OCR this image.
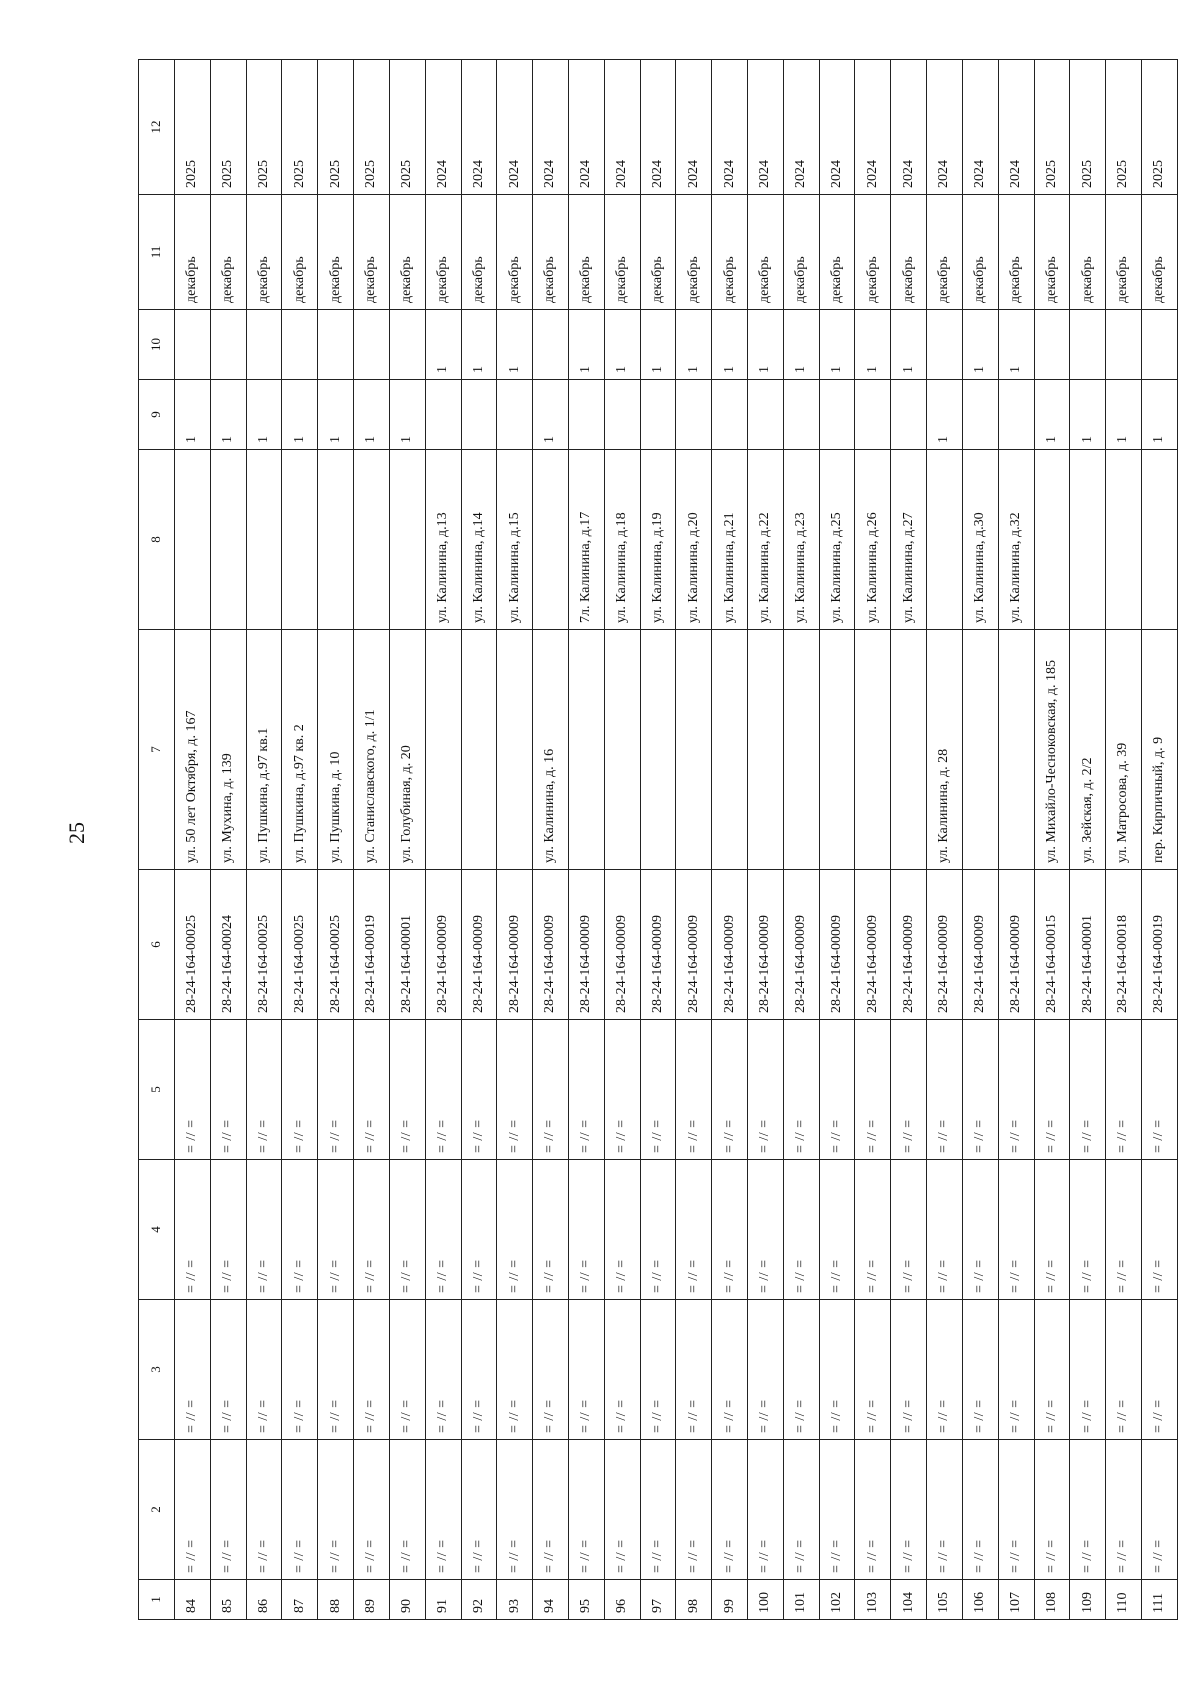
25
1	2	3	4	5	6	7	8	9	10	11	12
84	= // =	= // =	= // =	= // =	28-24-164-00025	ул. 50 лет Октября, д. 167		1		декабрь	2025
85	= // =	= // =	= // =	= // =	28-24-164-00024	ул. Мухина, д. 139		1		декабрь	2025
86	= // =	= // =	= // =	= // =	28-24-164-00025	ул. Пушкина, д.97 кв.1		1		декабрь	2025
87	= // =	= // =	= // =	= // =	28-24-164-00025	ул. Пушкина, д.97 кв. 2		1		декабрь	2025
88	= // =	= // =	= // =	= // =	28-24-164-00025	ул. Пушкина, д. 10		1		декабрь	2025
89	= // =	= // =	= // =	= // =	28-24-164-00019	ул. Станиславского, д. 1/1		1		декабрь	2025
90	= // =	= // =	= // =	= // =	28-24-164-00001	ул. Голубиная, д. 20		1		декабрь	2025
91	= // =	= // =	= // =	= // =	28-24-164-00009		ул. Калинина, д.13		1	декабрь	2024
92	= // =	= // =	= // =	= // =	28-24-164-00009		ул. Калинина, д.14		1	декабрь	2024
93	= // =	= // =	= // =	= // =	28-24-164-00009		ул. Калинина, д.15		1	декабрь	2024
94	= // =	= // =	= // =	= // =	28-24-164-00009	ул. Калинина, д. 16		1		декабрь	2024
95	= // =	= // =	= // =	= // =	28-24-164-00009		7л. Калинина, д.17		1	декабрь	2024
96	= // =	= // =	= // =	= // =	28-24-164-00009		ул. Калинина, д.18		1	декабрь	2024
97	= // =	= // =	= // =	= // =	28-24-164-00009		ул. Калинина, д.19		1	декабрь	2024
98	= // =	= // =	= // =	= // =	28-24-164-00009		ул. Калинина, д.20		1	декабрь	2024
99	= // =	= // =	= // =	= // =	28-24-164-00009		ул. Калинина, д.21		1	декабрь	2024
100	= // =	= // =	= // =	= // =	28-24-164-00009		ул. Калинина, д.22		1	декабрь	2024
101	= // =	= // =	= // =	= // =	28-24-164-00009		ул. Калинина, д.23		1	декабрь	2024
102	= // =	= // =	= // =	= // =	28-24-164-00009		ул. Калинина, д.25		1	декабрь	2024
103	= // =	= // =	= // =	= // =	28-24-164-00009		ул. Калинина, д.26		1	декабрь	2024
104	= // =	= // =	= // =	= // =	28-24-164-00009		ул. Калинина, д.27		1	декабрь	2024
105	= // =	= // =	= // =	= // =	28-24-164-00009	ул. Калинина, д. 28		1		декабрь	2024
106	= // =	= // =	= // =	= // =	28-24-164-00009		ул. Калинина, д.30		1	декабрь	2024
107	= // =	= // =	= // =	= // =	28-24-164-00009		ул. Калинина, д.32		1	декабрь	2024
108	= // =	= // =	= // =	= // =	28-24-164-00015	ул. Михайло-Чесноковская, д. 185		1		декабрь	2025
109	= // =	= // =	= // =	= // =	28-24-164-00001	ул. Зейская, д. 2/2		1		декабрь	2025
110	= // =	= // =	= // =	= // =	28-24-164-00018	ул. Матросова, д. 39		1		декабрь	2025
111	= // =	= // =	= // =	= // =	28-24-164-00019	пер. Кирпичный, д. 9		1		декабрь	2025
